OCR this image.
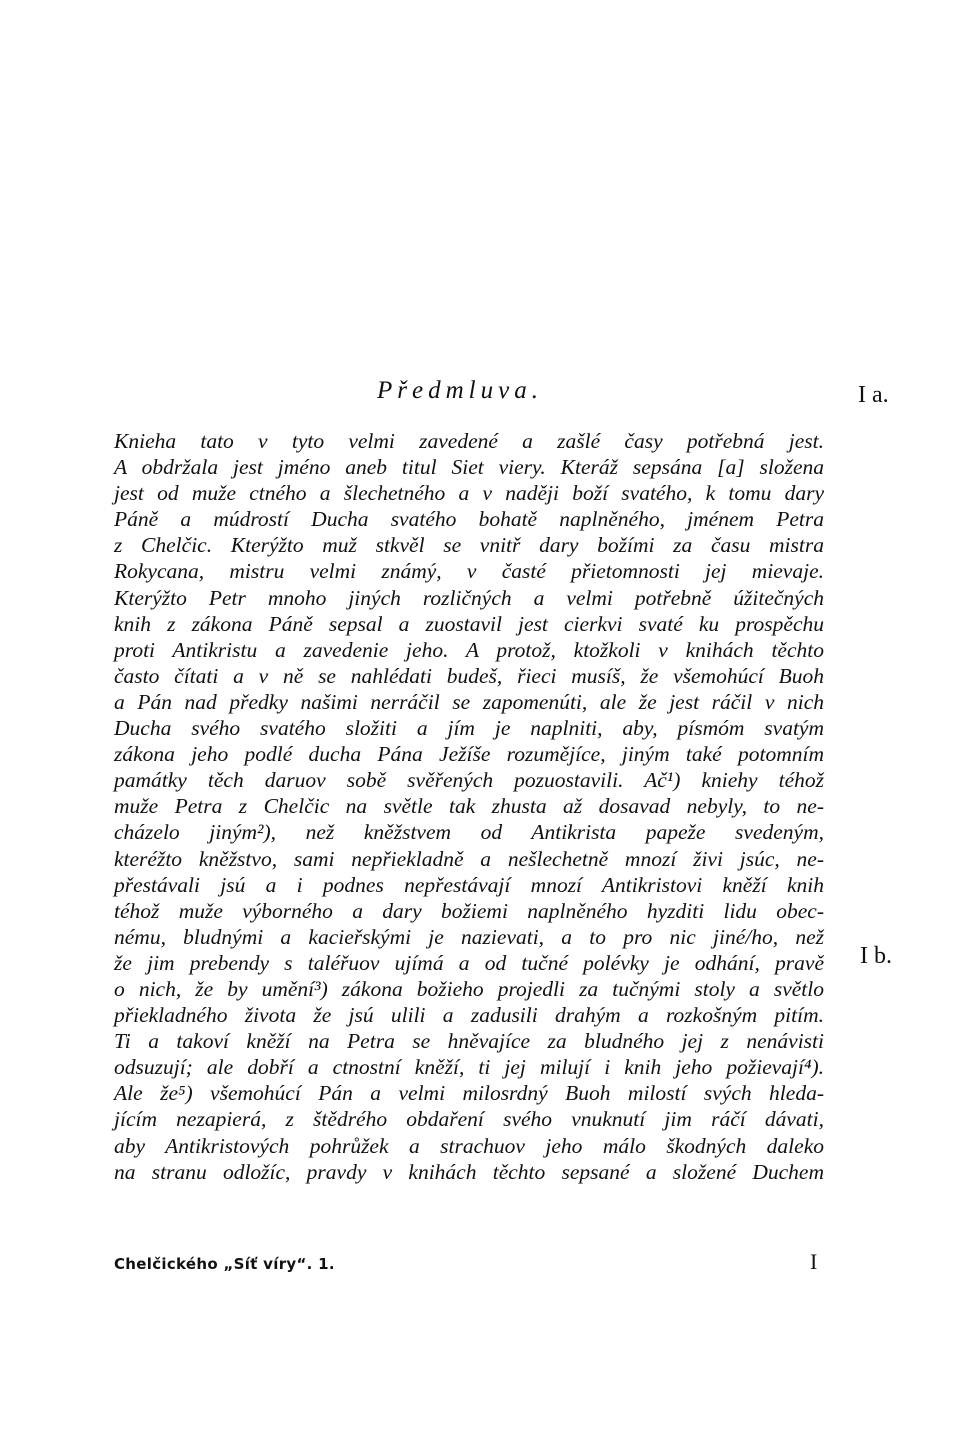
Předmluva.	I a.
I b.
Knieha tato v tyto velmi zavedené a zašlé časy potřebná jest.
A obdržala jest jméno aneb titul Siet viery. Kteráž sepsána [a] složena
jest od muže ctného a šlechetného a v naději boží svatého, k tomu dary
Páně a múdrostí Ducha svatého bohatě naplněného, jménem Petra
z Chelčic. Kterýžto muž stkvěl se vnitř dary božími za času mistra
Rokycana, mistru velmi známý, v časté přietomnosti jej mievaje.
Kterýžto Petr mnoho jiných rozličných a velmi potřebně úžitečných
knih z zákona Páně sepsal a zuostavil jest cierkvi svaté ku prospěchu
proti Antikristu a zavedenie jeho. A protož, ktožkoli v knihách těchto
často čítati a v ně se nahlédati budeš, řieci musíš, že všemohúcí Buoh
a Pán nad předky našimi nerráčil se zapomenúti, ale že jest ráčil v nich
Ducha svého svatého složiti a jím je naplniti, aby, písmóm svatým
zákona jeho podlé ducha Pána Ježíše rozumějíce, jiným také potomním
památky těch daruov sobě svěřených pozuostavili. Ač¹) kniehy téhož
muže Petra z Chelčic na světle tak zhusta až dosavad nebyly, to ne-
cházelo jiným²), než kněžstvem od Antikrista papeže svedeným,
kteréžto kněžstvo, sami nepřiekladně a nešlechetně mnozí živi jsúc, ne-
přestávali jsú a i podnes nepřestávají mnozí Antikristovi kněží knih
téhož muže výborného a dary božiemi naplněného hyzditi lidu obec-
nému, bludnými a kacieřskými je nazievati, a to pro nic jiné/ho, než
že jim prebendy s taléřuov ujímá a od tučné polévky je odhání, pravě
o nich, že by umění³) zákona božieho projedli za tučnými stoly a světlo
přiekladného života že jsú ulili a zadusili drahým a rozkošným pitím.
Ti a takoví kněží na Petra se hněvajíce za bludného jej z nenávisti
odsuzují; ale dobří a ctnostní kněží, ti jej milují i knih jeho požievají⁴).
Ale že⁵) všemohúcí Pán a velmi milosrdný Buoh milostí svých hleda-
jícím nezapierá, z štědrého obdaření svého vnuknutí jim ráčí dávati,
aby Antikristových pohrůžek a strachuov jeho málo škodných daleko
na stranu odložíc, pravdy v knihách těchto sepsané a složené Duchem
Chelčického „Síť víry“. 1.	I
